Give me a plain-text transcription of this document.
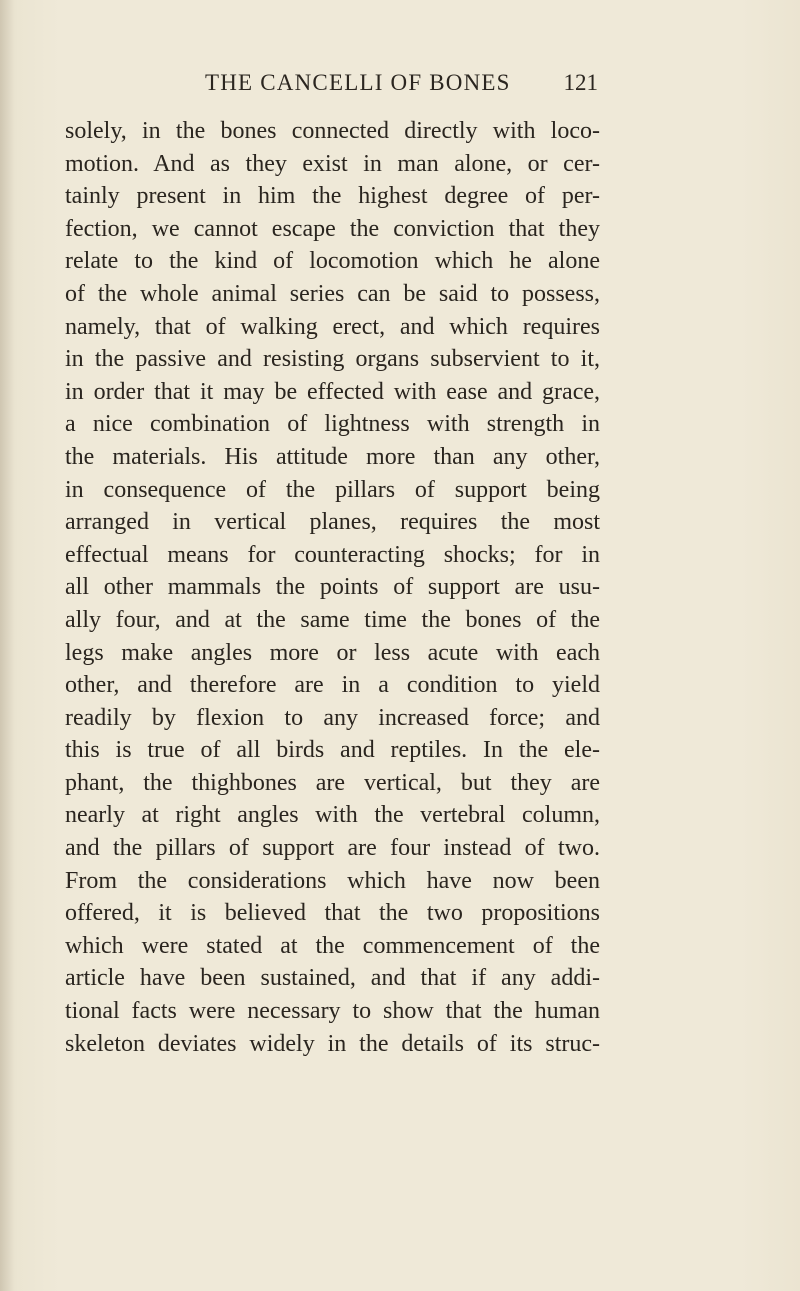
THE CANCELLI OF BONES 121
solely, in the bones connected directly with loco-
motion. And as they exist in man alone, or cer-
tainly present in him the highest degree of per-
fection, we cannot escape the conviction that they
relate to the kind of locomotion which he alone
of the whole animal series can be said to possess,
namely, that of walking erect, and which requires
in the passive and resisting organs subservient to it,
in order that it may be effected with ease and grace,
a nice combination of lightness with strength in
the materials. His attitude more than any other,
in consequence of the pillars of support being
arranged in vertical planes, requires the most
effectual means for counteracting shocks; for in
all other mammals the points of support are usu-
ally four, and at the same time the bones of the
legs make angles more or less acute with each
other, and therefore are in a condition to yield
readily by flexion to any increased force; and
this is true of all birds and reptiles. In the ele-
phant, the thighbones are vertical, but they are
nearly at right angles with the vertebral column,
and the pillars of support are four instead of two.
From the considerations which have now been
offered, it is believed that the two propositions
which were stated at the commencement of the
article have been sustained, and that if any addi-
tional facts were necessary to show that the human
skeleton deviates widely in the details of its struc-
